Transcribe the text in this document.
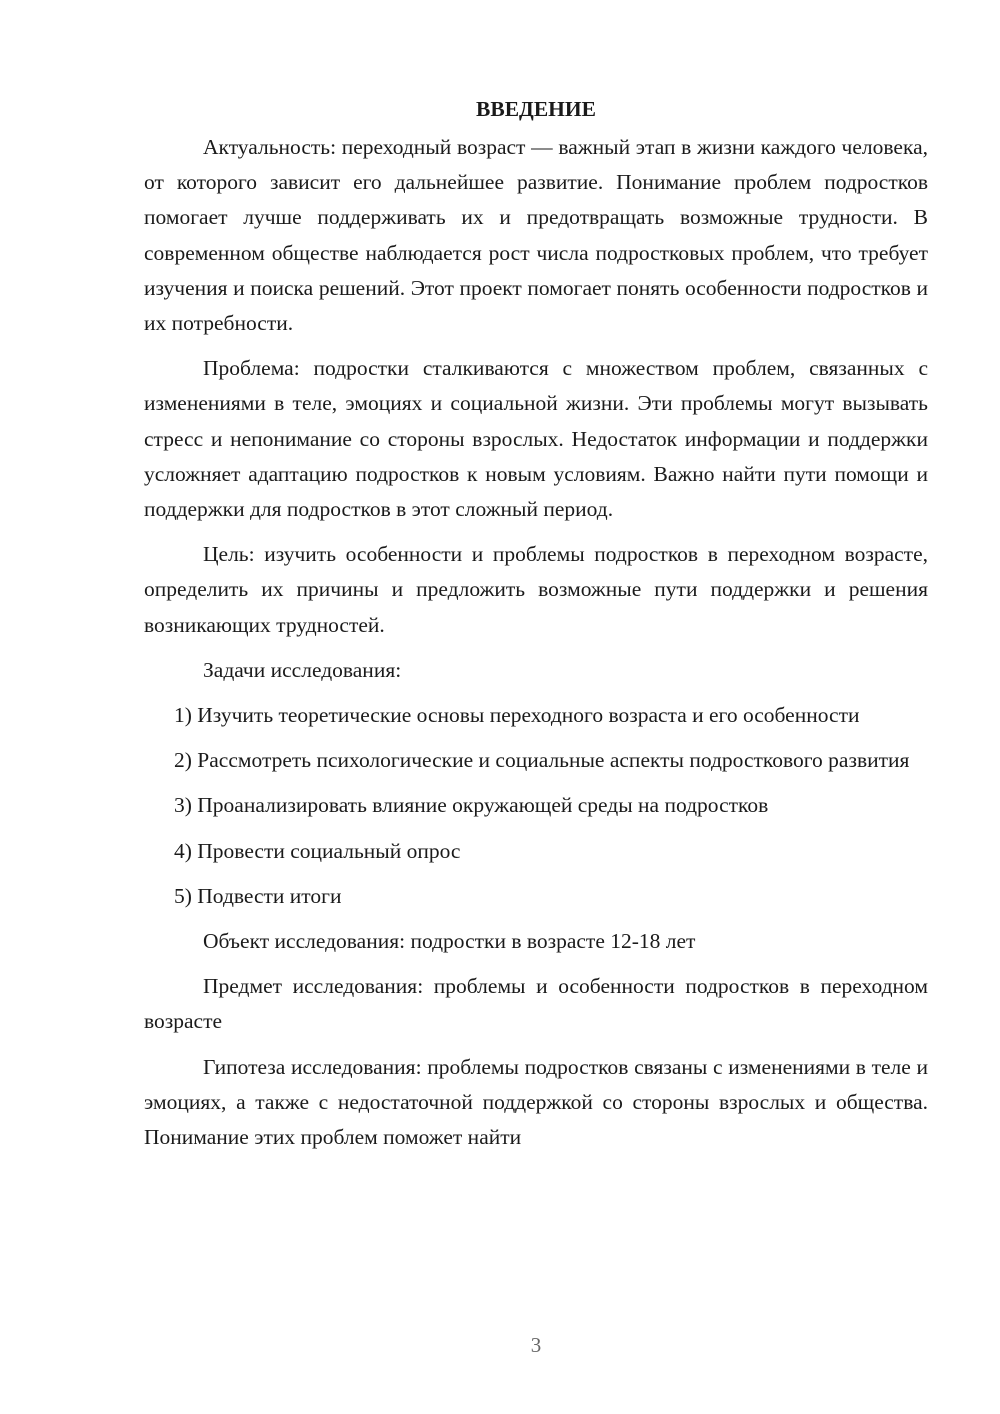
ВВЕДЕНИЕ

Актуальность: переходный возраст — важный этап в жизни каждого человека, от которого зависит его дальнейшее развитие. Понимание проблем подростков помогает лучше поддерживать их и предотвращать возможные трудности. В современном обществе наблюдается рост числа подростковых проблем, что требует изучения и поиска решений. Этот проект помогает понять особенности подростков и их потребности.

Проблема: подростки сталкиваются с множеством проблем, связанных с изменениями в теле, эмоциях и социальной жизни. Эти проблемы могут вызывать стресс и непонимание со стороны взрослых. Недостаток информации и поддержки усложняет адаптацию подростков к новым условиям. Важно найти пути помощи и поддержки для подростков в этот сложный период.

Цель: изучить особенности и проблемы подростков в переходном возрасте, определить их причины и предложить возможные пути поддержки и решения возникающих трудностей.

Задачи исследования:

1) Изучить теоретические основы переходного возраста и его особенности

2) Рассмотреть психологические и социальные аспекты подросткового развития

3) Проанализировать влияние окружающей среды на подростков

4) Провести социальный опрос

5) Подвести итоги

Объект исследования: подростки в возрасте 12-18 лет

Предмет исследования: проблемы и особенности подростков в переходном возрасте

Гипотеза исследования: проблемы подростков связаны с изменениями в теле и эмоциях, а также с недостаточной поддержкой со стороны взрослых и общества. Понимание этих проблем поможет найти

3
